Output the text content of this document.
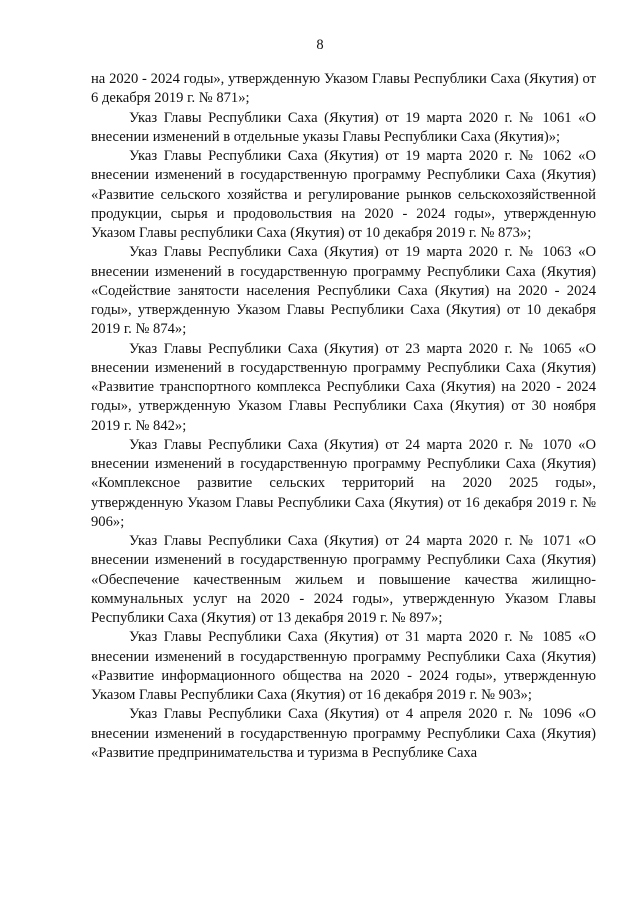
8

на 2020 - 2024 годы», утвержденную Указом Главы Республики Саха (Якутия) от 6 декабря 2019 г. № 871»;

Указ Главы Республики Саха (Якутия) от 19 марта 2020 г. № 1061 «О внесении изменений в отдельные указы Главы Республики Саха (Якутия)»;

Указ Главы Республики Саха (Якутия) от 19 марта 2020 г. № 1062 «О внесении изменений в государственную программу Республики Саха (Якутия) «Развитие сельского хозяйства и регулирование рынков сельскохозяйственной продукции, сырья и продовольствия на 2020 - 2024 годы», утвержденную Указом Главы республики Саха (Якутия) от 10 декабря 2019 г. № 873»;

Указ Главы Республики Саха (Якутия) от 19 марта 2020 г. № 1063 «О внесении изменений в государственную программу Республики Саха (Якутия) «Содействие занятости населения Республики Саха (Якутия) на 2020 - 2024 годы», утвержденную Указом Главы Республики Саха (Якутия) от 10 декабря 2019 г. № 874»;

Указ Главы Республики Саха (Якутия) от 23 марта 2020 г. № 1065 «О внесении изменений в государственную программу Республики Саха (Якутия) «Развитие транспортного комплекса Республики Саха (Якутия) на 2020 - 2024 годы», утвержденную Указом Главы Республики Саха (Якутия) от 30 ноября 2019 г. № 842»;

Указ Главы Республики Саха (Якутия) от 24 марта 2020 г. № 1070 «О внесении изменений в государственную программу Республики Саха (Якутия) «Комплексное развитие сельских территорий на 2020 2025 годы», утвержденную Указом Главы Республики Саха (Якутия) от 16 декабря 2019 г. № 906»;

Указ Главы Республики Саха (Якутия) от 24 марта 2020 г. № 1071 «О внесении изменений в государственную программу Республики Саха (Якутия) «Обеспечение качественным жильем и повышение качества жилищно-коммунальных услуг на 2020 - 2024 годы», утвержденную Указом Главы Республики Саха (Якутия) от 13 декабря 2019 г. № 897»;

Указ Главы Республики Саха (Якутия) от 31 марта 2020 г. № 1085 «О внесении изменений в государственную программу Республики Саха (Якутия) «Развитие информационного общества на 2020 - 2024 годы», утвержденную Указом Главы Республики Саха (Якутия) от 16 декабря 2019 г. № 903»;

Указ Главы Республики Саха (Якутия) от 4 апреля 2020 г. № 1096 «О внесении изменений в государственную программу Республики Саха (Якутия) «Развитие предпринимательства и туризма в Республике Саха
